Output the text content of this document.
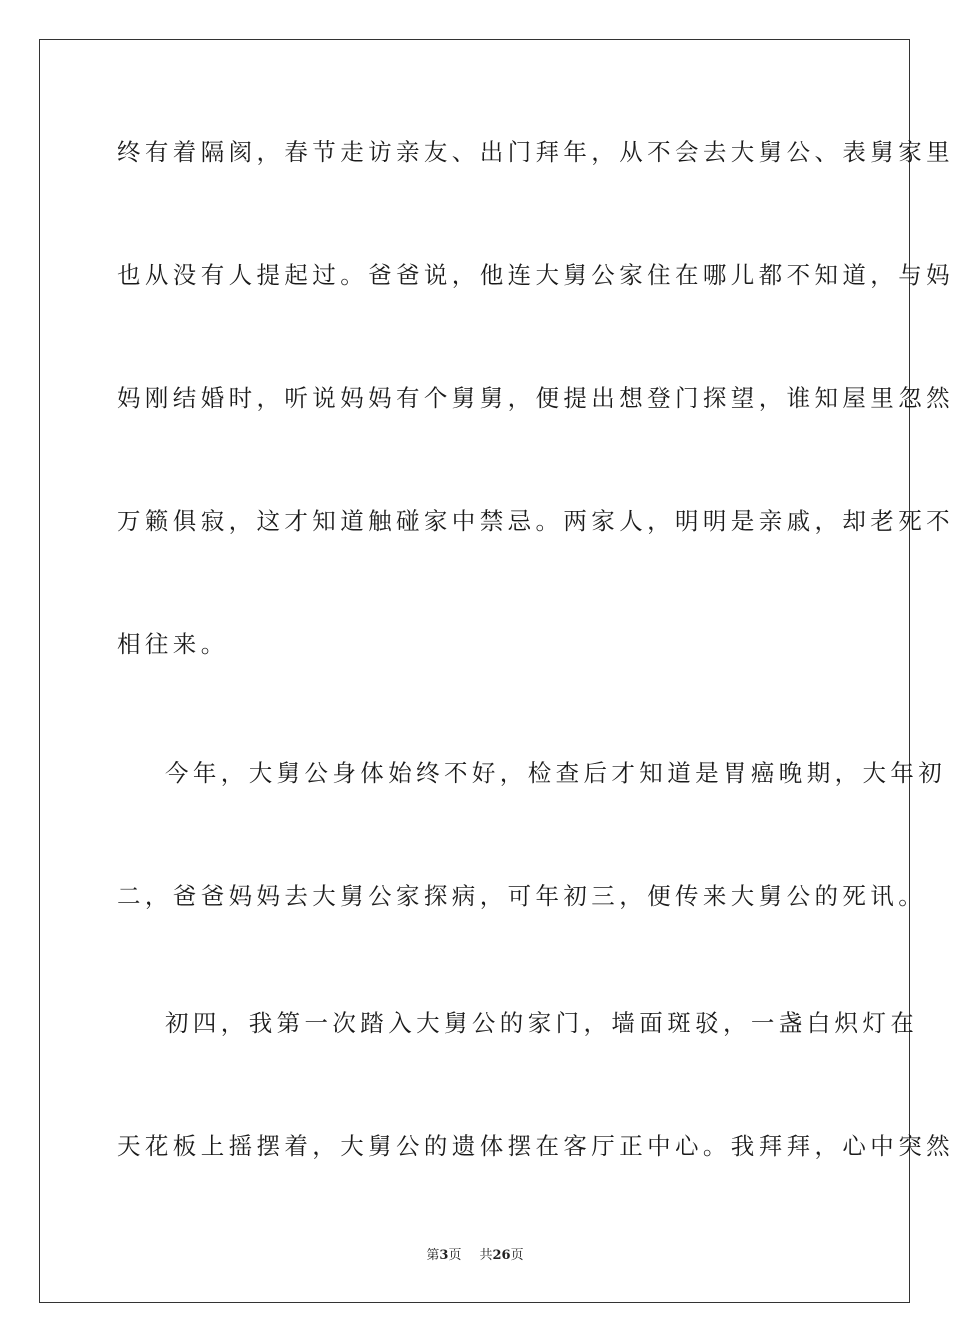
终有着隔阂，春节走访亲友、出门拜年，从不会去大舅公、表舅家里
也从没有人提起过。爸爸说，他连大舅公家住在哪儿都不知道，与妈
妈刚结婚时，听说妈妈有个舅舅，便提出想登门探望，谁知屋里忽然
万籁俱寂，这才知道触碰家中禁忌。两家人，明明是亲戚，却老死不
相往来。
今年，大舅公身体始终不好，检查后才知道是胃癌晚期，大年初
二，爸爸妈妈去大舅公家探病，可年初三，便传来大舅公的死讯。
初四，我第一次踏入大舅公的家门，墙面斑驳，一盏白炽灯在
天花板上摇摆着，大舅公的遗体摆在客厅正中心。我拜拜，心中突然
第3页 共26页
